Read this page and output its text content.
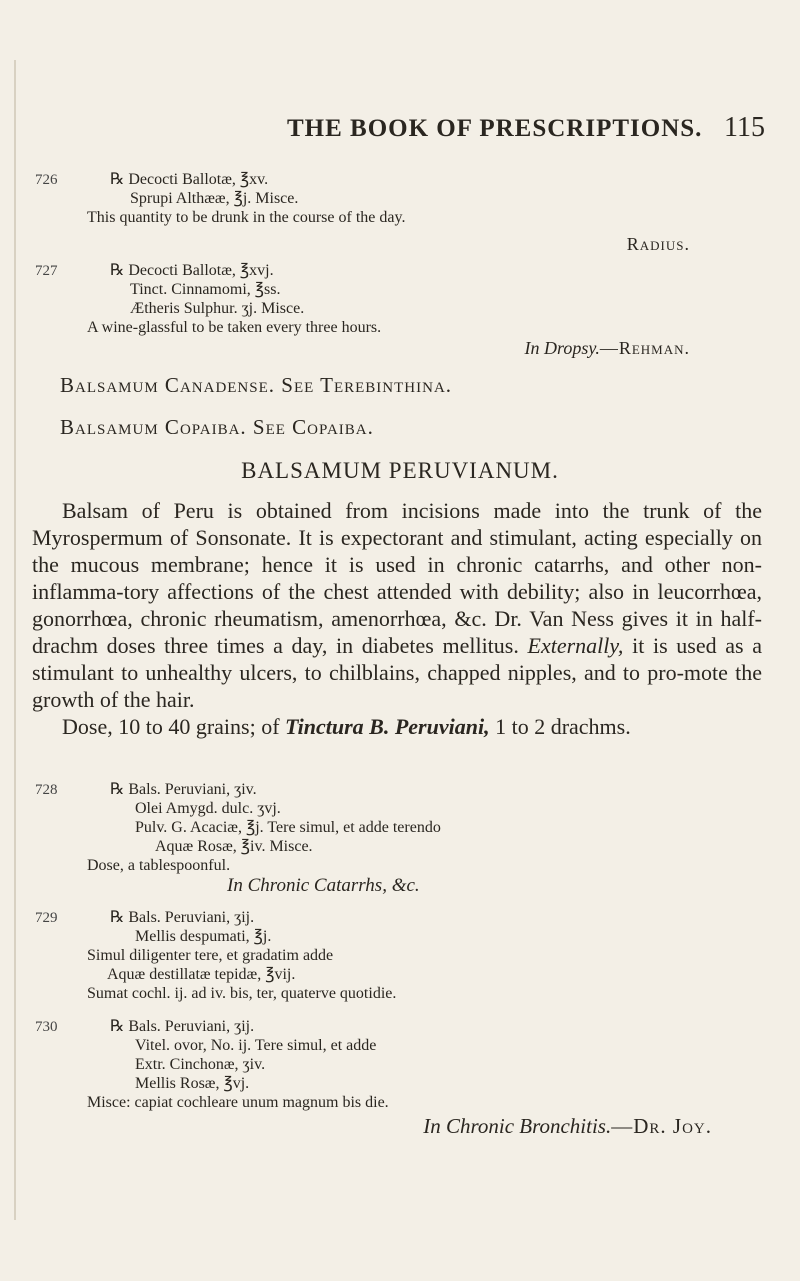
THE BOOK OF PRESCRIPTIONS. 115
726	℞ Decocti Ballotæ, ℥xv.
Sprupi Althææ, ℥j. Misce.
This quantity to be drunk in the course of the day.
Radius.
727	℞ Decocti Ballotæ, ℥xvj.
Tinct. Cinnamomi, ℥ss.
Ætheris Sulphur. ʒj. Misce.
A wine-glassful to be taken every three hours.
In Dropsy.—Rehman.
Balsamum Canadense. See Terebinthina.
Balsamum Copaiba. See Copaiba.
BALSAMUM PERUVIANUM.

Balsam of Peru is obtained from incisions made into the trunk of the Myrospermum of Sonsonate. It is expectorant and stimulant, acting especially on the mucous membrane; hence it is used in chronic catarrhs, and other non-inflamma-tory affections of the chest attended with debility; also in leucorrhœa, gonorrhœa, chronic rheumatism, amenorrhœa, &c. Dr. Van Ness gives it in half-drachm doses three times a day, in diabetes mellitus. Externally, it is used as a stimulant to unhealthy ulcers, to chilblains, chapped nipples, and to pro-mote the growth of the hair.

Dose, 10 to 40 grains; of Tinctura B. Peruviani, 1 to 2 drachms.

728	℞ Bals. Peruviani, ʒiv.
Olei Amygd. dulc. ʒvj.
Pulv. G. Acaciæ, ℥j. Tere simul, et adde terendo
Aquæ Rosæ, ℥iv. Misce.
Dose, a tablespoonful.
In Chronic Catarrhs, &c.
729	℞ Bals. Peruviani, ʒij.
Mellis despumati, ℥j.
Simul diligenter tere, et gradatim adde
Aquæ destillatæ tepidæ, ℥vij.
Sumat cochl. ij. ad iv. bis, ter, quaterve quotidie.
730	℞ Bals. Peruviani, ʒij.
Vitel. ovor, No. ij. Tere simul, et adde
Extr. Cinchonæ, ʒiv.
Mellis Rosæ, ℥vj.
Misce: capiat cochleare unum magnum bis die.
In Chronic Bronchitis.—Dr. Joy.
